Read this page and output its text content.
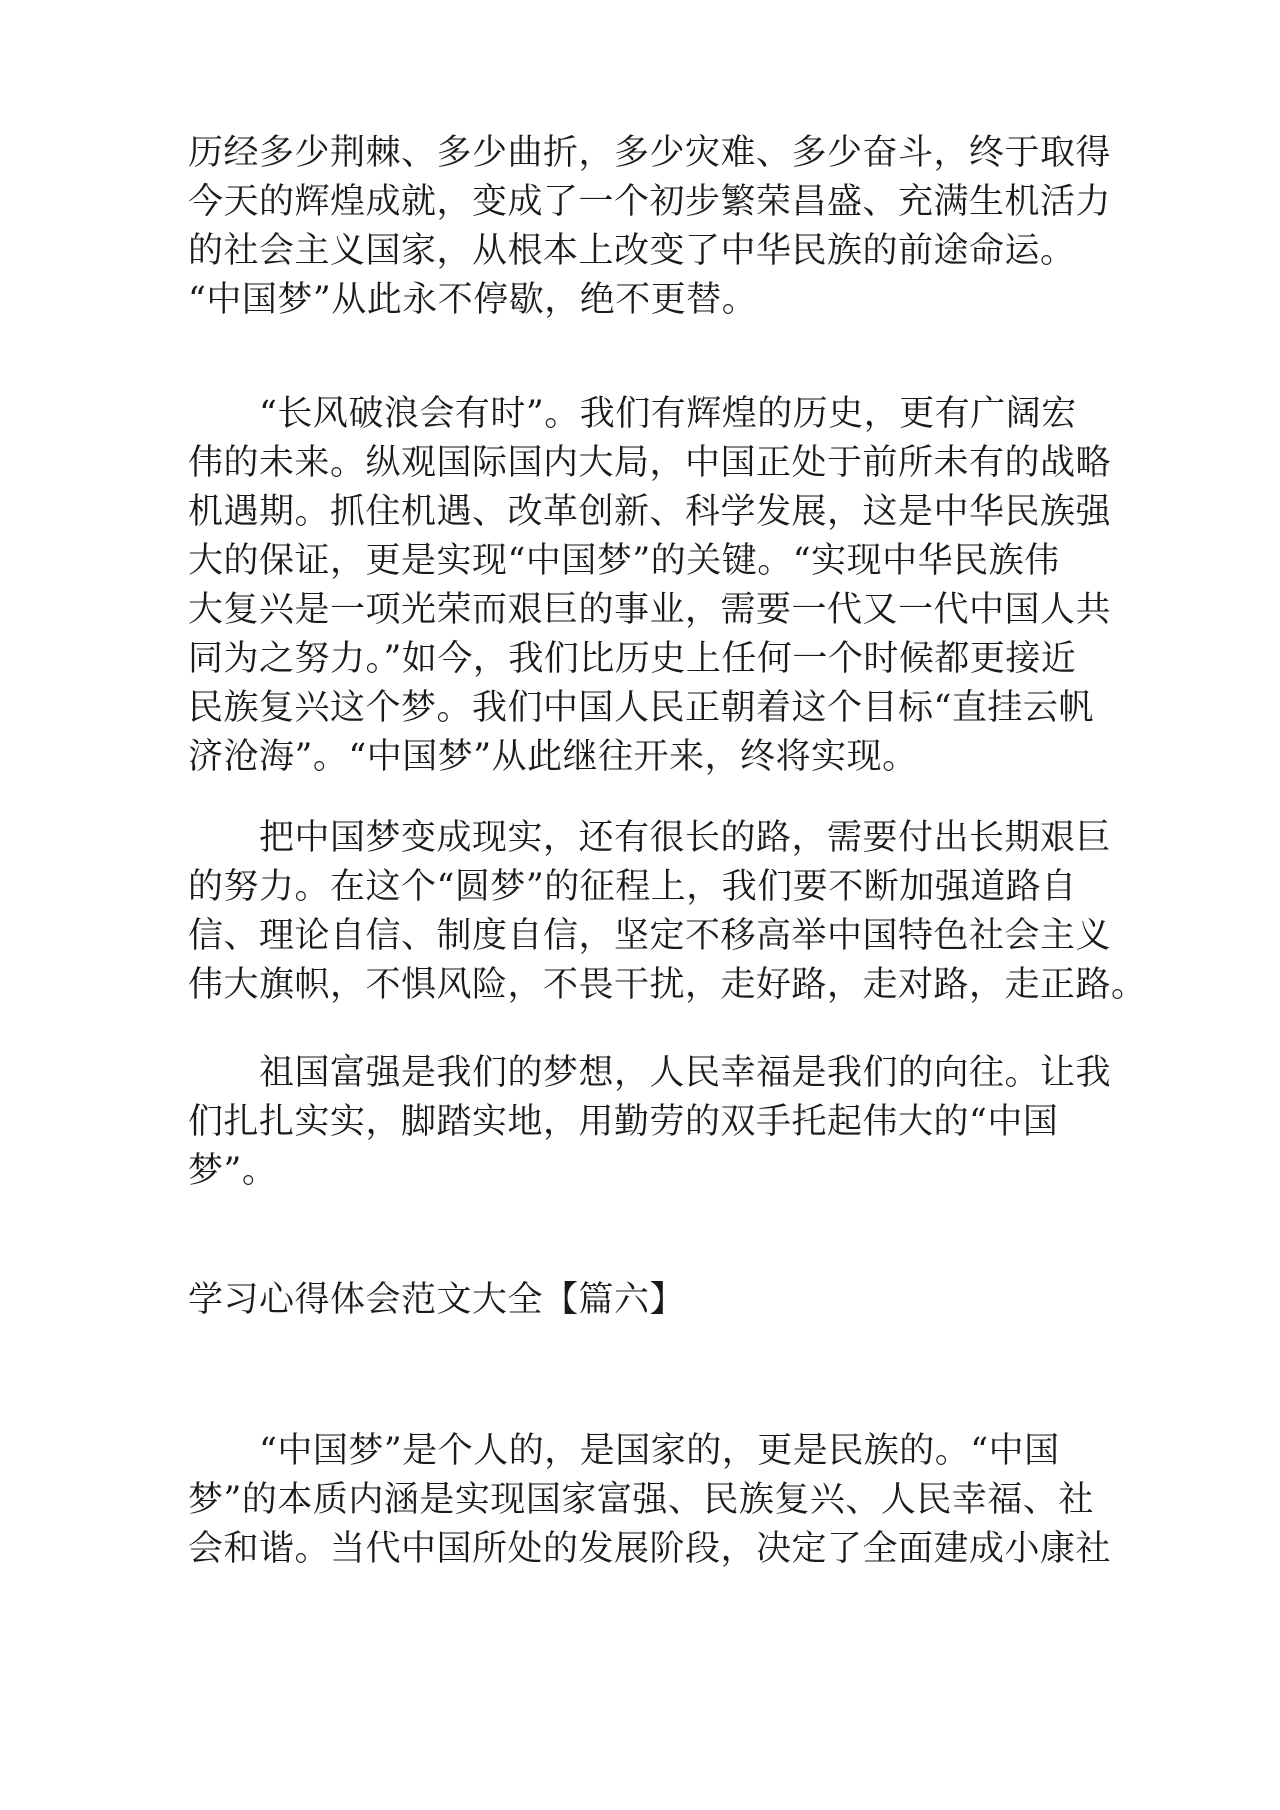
历经多少荆棘、多少曲折，多少灾难、多少奋斗，终于取得
今天的辉煌成就，变成了一个初步繁荣昌盛、充满生机活力
的社会主义国家，从根本上改变了中华民族的前途命运。
“中国梦”从此永不停歇，绝不更替。
　　“长风破浪会有时”。我们有辉煌的历史，更有广阔宏
伟的未来。纵观国际国内大局，中国正处于前所未有的战略
机遇期。抓住机遇、改革创新、科学发展，这是中华民族强
大的保证，更是实现“中国梦”的关键。“实现中华民族伟
大复兴是一项光荣而艰巨的事业，需要一代又一代中国人共
同为之努力。”如今，我们比历史上任何一个时候都更接近
民族复兴这个梦。我们中国人民正朝着这个目标“直挂云帆
济沧海”。“中国梦”从此继往开来，终将实现。
　　把中国梦变成现实，还有很长的路，需要付出长期艰巨
的努力。在这个“圆梦”的征程上，我们要不断加强道路自
信、理论自信、制度自信，坚定不移高举中国特色社会主义
伟大旗帜，不惧风险，不畏干扰，走好路，走对路，走正路。
　　祖国富强是我们的梦想，人民幸福是我们的向往。让我
们扎扎实实，脚踏实地，用勤劳的双手托起伟大的“中国
梦”。
学习心得体会范文大全【篇六】
　　“中国梦”是个人的，是国家的，更是民族的。“中国
梦”的本质内涵是实现国家富强、民族复兴、人民幸福、社
会和谐。当代中国所处的发展阶段，决定了全面建成小康社
